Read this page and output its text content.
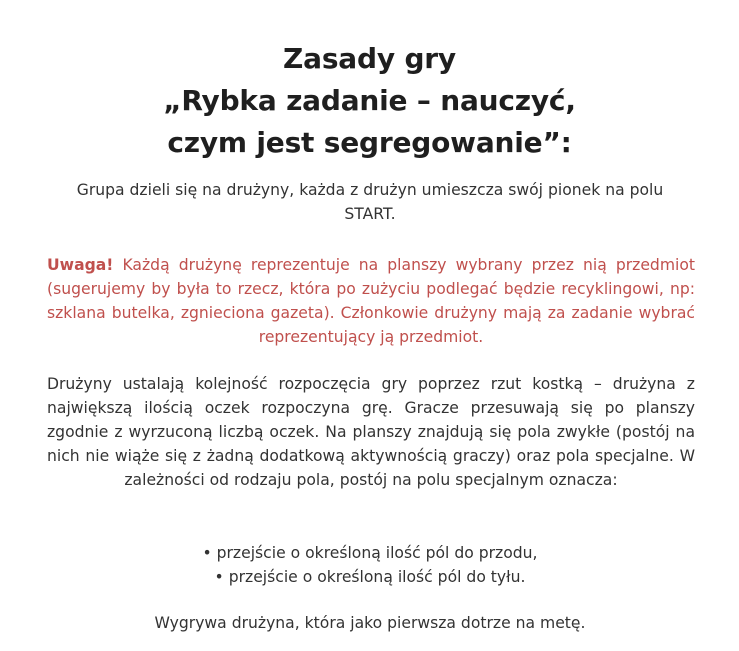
Zasady gry
„Rybka zadanie – nauczyć,
czym jest segregowanie”:

Grupa dzieli się na drużyny, każda z drużyn umieszcza swój pionek na polu START.

Uwaga! Każdą drużynę reprezentuje na planszy wybrany przez nią przedmiot (sugerujemy by była to rzecz, która po zużyciu podlegać będzie recyklingowi, np: szklana butelka, zgnieciona gazeta). Członkowie drużyny mają za zadanie wybrać reprezentujący ją przedmiot.

Drużyny ustalają kolejność rozpoczęcia gry poprzez rzut kostką – drużyna z największą ilością oczek rozpoczyna grę. Gracze przesuwają się po planszy zgodnie z wyrzuconą liczbą oczek. Na planszy znajdują się pola zwykłe (postój na nich nie wiąże się z żadną dodatkową aktywnością graczy) oraz pola specjalne. W zależności od rodzaju pola, postój na polu specjalnym oznacza:

• przejście o określoną ilość pól do przodu,
• przejście o określoną ilość pól do tyłu.

Wygrywa drużyna, która jako pierwsza dotrze na metę.
